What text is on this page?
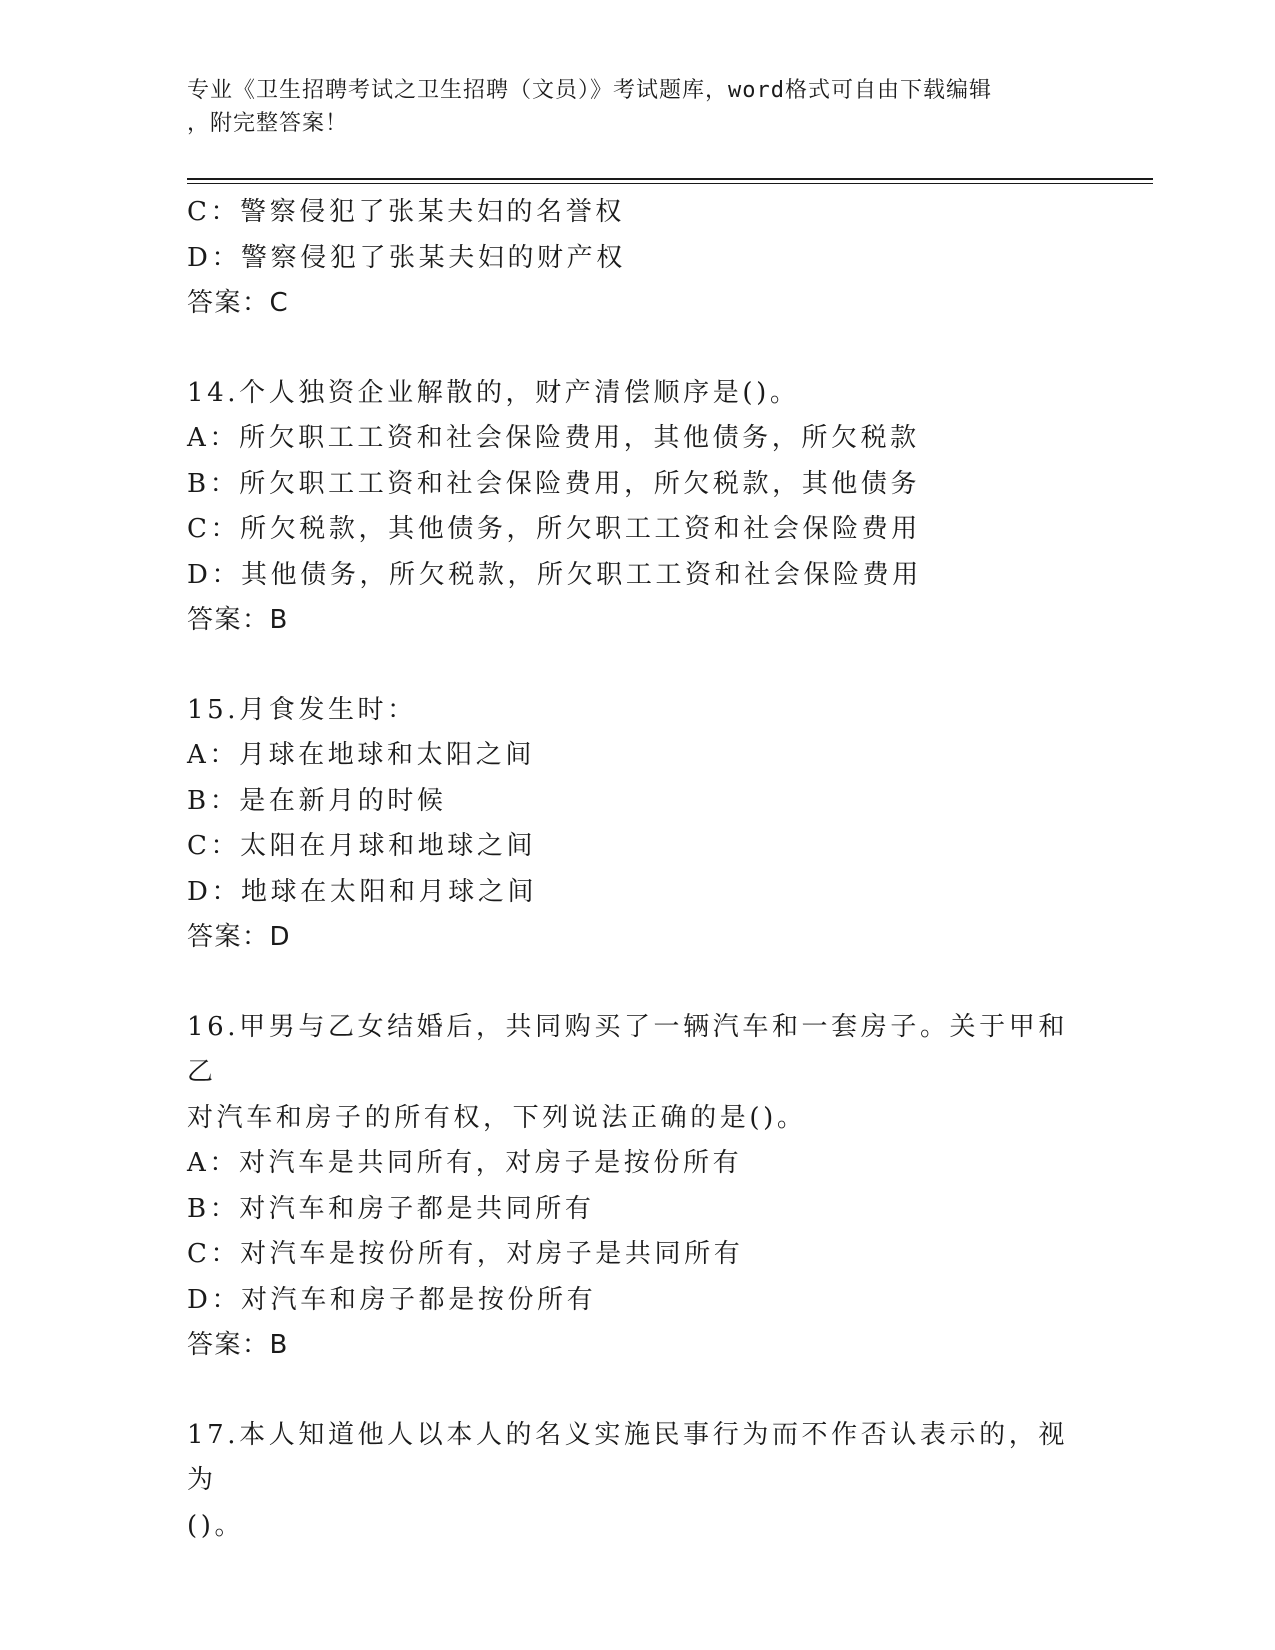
专业《卫生招聘考试之卫生招聘（文员）》考试题库，word格式可自由下载编辑
，附完整答案！
C：警察侵犯了张某夫妇的名誉权
D：警察侵犯了张某夫妇的财产权
答案：C
14.个人独资企业解散的，财产清偿顺序是()。
A：所欠职工工资和社会保险费用，其他债务，所欠税款
B：所欠职工工资和社会保险费用，所欠税款，其他债务
C：所欠税款，其他债务，所欠职工工资和社会保险费用
D：其他债务，所欠税款，所欠职工工资和社会保险费用
答案：B
15.月食发生时：
A：月球在地球和太阳之间
B：是在新月的时候
C：太阳在月球和地球之间
D：地球在太阳和月球之间
答案：D
16.甲男与乙女结婚后，共同购买了一辆汽车和一套房子。关于甲和乙
对汽车和房子的所有权，下列说法正确的是()。
A：对汽车是共同所有，对房子是按份所有
B：对汽车和房子都是共同所有
C：对汽车是按份所有，对房子是共同所有
D：对汽车和房子都是按份所有
答案：B
17.本人知道他人以本人的名义实施民事行为而不作否认表示的，视为
()。
